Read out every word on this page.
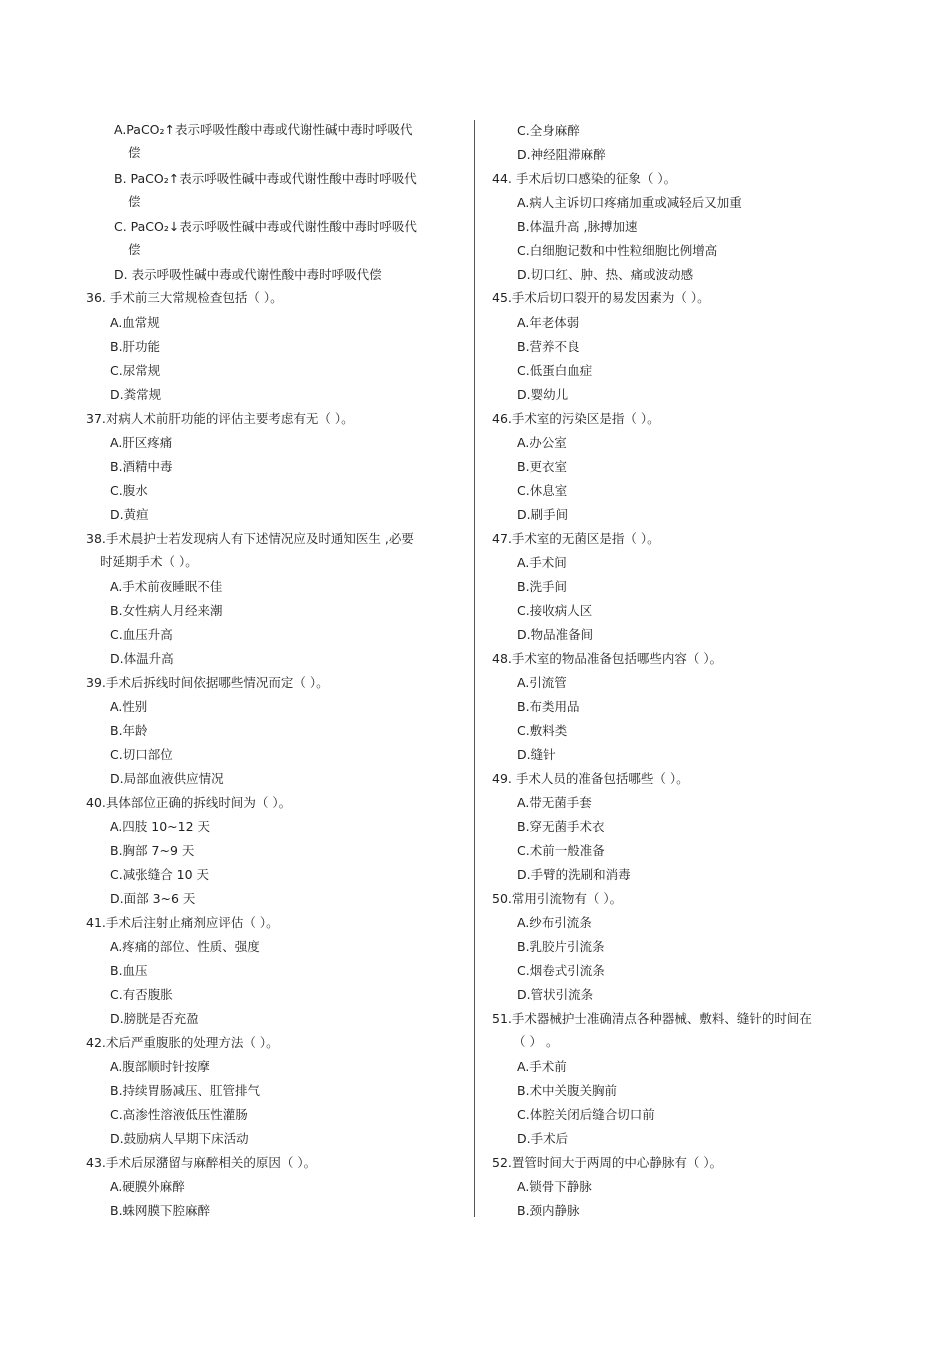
A.PaCO₂↑表示呼吸性酸中毒或代谢性碱中毒时呼吸代
偿
B. PaCO₂↑表示呼吸性碱中毒或代谢性酸中毒时呼吸代
偿
C. PaCO₂↓表示呼吸性碱中毒或代谢性酸中毒时呼吸代
偿
D. 表示呼吸性碱中毒或代谢性酸中毒时呼吸代偿
36. 手术前三大常规检查包括（ ）。
A.血常规
B.肝功能
C.尿常规
D.粪常规
37.对病人术前肝功能的评估主要考虑有无（ ）。
A.肝区疼痛
B.酒精中毒
C.腹水
D.黄疸
38.手术晨护士若发现病人有下述情况应及时通知医生 ,必要
时延期手术（ ）。
A.手术前夜睡眠不佳
B.女性病人月经来潮
C.血压升高
D.体温升高
39.手术后拆线时间依据哪些情况而定（ ）。
A.性别
B.年龄
C.切口部位
D.局部血液供应情况
40.具体部位正确的拆线时间为（ ）。
A.四肢 10~12 天
B.胸部 7~9 天
C.减张缝合 10 天
D.面部 3~6 天
41.手术后注射止痛剂应评估（ ）。
A.疼痛的部位、性质、强度
B.血压
C.有否腹胀
D.膀胱是否充盈
42.术后严重腹胀的处理方法（ ）。
A.腹部顺时针按摩
B.持续胃肠减压、肛管排气
C.高渗性溶液低压性灌肠
D.鼓励病人早期下床活动
43.手术后尿潴留与麻醉相关的原因（ ）。
A.硬膜外麻醉
B.蛛网膜下腔麻醉
C.全身麻醉
D.神经阻滞麻醉
44. 手术后切口感染的征象（ ）。
A.病人主诉切口疼痛加重或减轻后又加重
B.体温升高 ,脉搏加速
C.白细胞记数和中性粒细胞比例增高
D.切口红、肿、热、痛或波动感
45.手术后切口裂开的易发因素为（ ）。
A.年老体弱
B.营养不良
C.低蛋白血症
D.婴幼儿
46.手术室的污染区是指（ ）。
A.办公室
B.更衣室
C.休息室
D.刷手间
47.手术室的无菌区是指（ ）。
A.手术间
B.洗手间
C.接收病人区
D.物品准备间
48.手术室的物品准备包括哪些内容（ ）。
A.引流管
B.布类用品
C.敷料类
D.缝针
49. 手术人员的准备包括哪些（ ）。
A.带无菌手套
B.穿无菌手术衣
C.术前一般准备
D.手臂的洗刷和消毒
50.常用引流物有（ ）。
A.纱布引流条
B.乳胶片引流条
C.烟卷式引流条
D.管状引流条
51.手术器械护士准确清点各种器械、敷料、缝针的时间在
（ ） 。
A.手术前
B.术中关腹关胸前
C.体腔关闭后缝合切口前
D.手术后
52.置管时间大于两周的中心静脉有（ ）。
A.锁骨下静脉
B.颈内静脉
